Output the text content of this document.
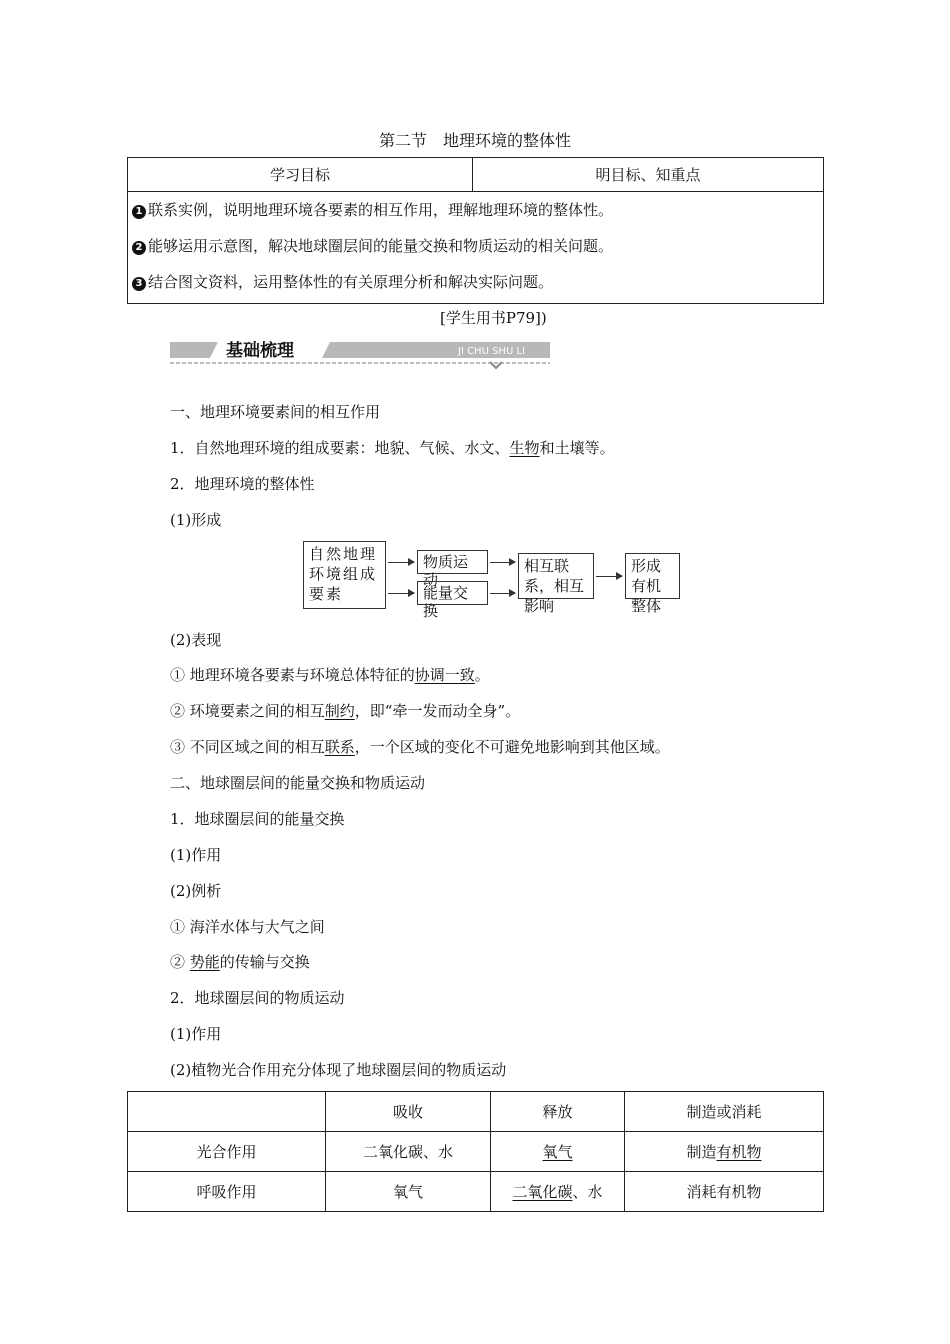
第二节　地理环境的整体性
学习目标	明目标、知重点

1 联系实例，说明地理环境各要素的相互作用，理解地理环境的整体性。
2 能够运用示意图，解决地球圈层间的能量交换和物质运动的相关问题。
3 结合图文资料，运用整体性的有关原理分析和解决实际问题。
[学生用书P79])
基础梳理	JI CHU SHU LI
一、地理环境要素间的相互作用
1．自然地理环境的组成要素：地貌、气候、水文、生物和土壤等。
2．地理环境的整体性
(1)形成
自然地理环境组成要素
物质运动
能量交换
相互联系，相互影响
形成有机整体
(2)表现
① 地理环境各要素与环境总体特征的协调一致。
② 环境要素之间的相互制约，即“牵一发而动全身”。
③ 不同区域之间的相互联系，一个区域的变化不可避免地影响到其他区域。
二、地球圈层间的能量交换和物质运动
1．地球圈层间的能量交换
(1)作用
(2)例析
① 海洋水体与大气之间
② 势能的传输与交换
2．地球圈层间的物质运动
(1)作用
(2)植物光合作用充分体现了地球圈层间的物质运动
	吸收	释放	制造或消耗
光合作用	二氧化碳、水	氧气	制造有机物
呼吸作用	氧气	二氧化碳、水	消耗有机物
